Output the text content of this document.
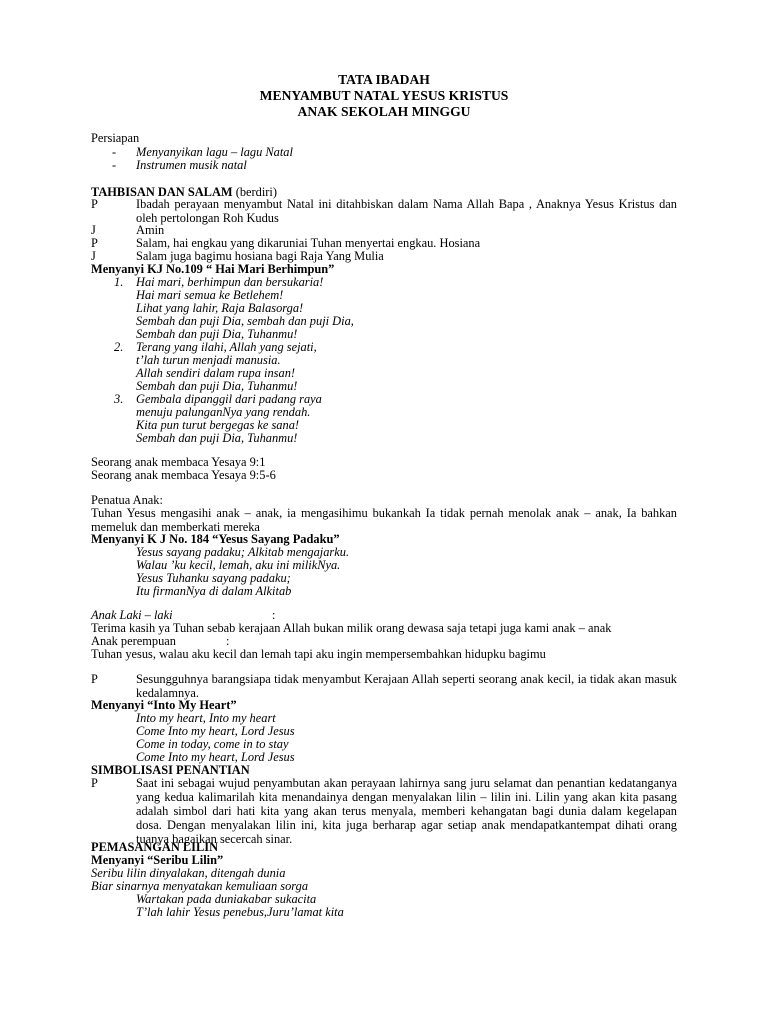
TATA IBADAH
MENYAMBUT NATAL YESUS KRISTUS
ANAK SEKOLAH MINGGU
Persiapan
- Menyanyikan lagu – lagu Natal
- Instrumen musik natal
TAHBISAN DAN SALAM (berdiri)
P	Ibadah perayaan menyambut Natal ini ditahbiskan dalam Nama Allah Bapa , Anaknya Yesus Kristus dan oleh pertolongan Roh Kudus
J	Amin
P	Salam, hai engkau yang dikaruniai Tuhan menyertai engkau. Hosiana
J	Salam juga bagimu hosiana bagi Raja Yang Mulia
Menyanyi KJ No.109 “ Hai Mari Berhimpun”
1. Hai mari, berhimpun dan bersukaria!
Hai mari semua ke Betlehem!
Lihat yang lahir, Raja Balasorga!
Sembah dan puji Dia, sembah dan puji Dia,
Sembah dan puji Dia, Tuhanmu!
2. Terang yang ilahi, Allah yang sejati,
t’lah turun menjadi manusia.
Allah sendiri dalam rupa insan!
Sembah dan puji Dia, Tuhanmu!
3. Gembala dipanggil dari padang raya
menuju palunganNya yang rendah.
Kita pun turut bergegas ke sana!
Sembah dan puji Dia, Tuhanmu!
Seorang anak membaca Yesaya 9:1
Seorang anak membaca Yesaya 9:5-6
Penatua Anak:
Tuhan Yesus mengasihi anak – anak, ia mengasihimu bukankah Ia tidak pernah menolak anak – anak, Ia bahkan memeluk dan memberkati mereka
Menyanyi K J No. 184 “Yesus Sayang Padaku”
Yesus sayang padaku; Alkitab mengajarku.
Walau ’ku kecil, lemah, aku ini milikNya.
Yesus Tuhanku sayang padaku;
Itu firmanNya di dalam Alkitab
Anak Laki – laki	:
Terima kasih ya Tuhan sebab kerajaan Allah bukan milik orang dewasa saja tetapi juga kami anak – anak
Anak perempuan	:
Tuhan yesus, walau aku kecil dan lemah tapi aku ingin mempersembahkan hidupku bagimu
P	Sesungguhnya barangsiapa tidak menyambut Kerajaan Allah seperti seorang anak kecil, ia tidak akan masuk kedalamnya.
Menyanyi “Into My Heart”
Into my heart, Into my heart
Come Into my heart, Lord Jesus
Come in today, come in to stay
Come Into my heart, Lord Jesus
SIMBOLISASI PENANTIAN
P	Saat ini sebagai wujud penyambutan akan perayaan lahirnya sang juru selamat dan penantian kedatanganya yang kedua kalimarilah kita menandainya dengan menyalakan lilin – lilin ini. Lilin yang akan kita pasang adalah simbol dari hati kita yang akan terus menyala, memberi kehangatan bagi dunia dalam kegelapan dosa. Dengan menyalakan lilin ini, kita juga berharap agar setiap anak mendapatkantempat dihati orang tuanya bagaikan secercah sinar.
PEMASANGAN LILIN
Menyanyi “Seribu Lilin”
Seribu lilin dinyalakan, ditengah dunia
Biar sinarnya menyatakan kemuliaan sorga
Wartakan pada duniakabar sukacita
T’lah lahir Yesus penebus,Juru’lamat kita
